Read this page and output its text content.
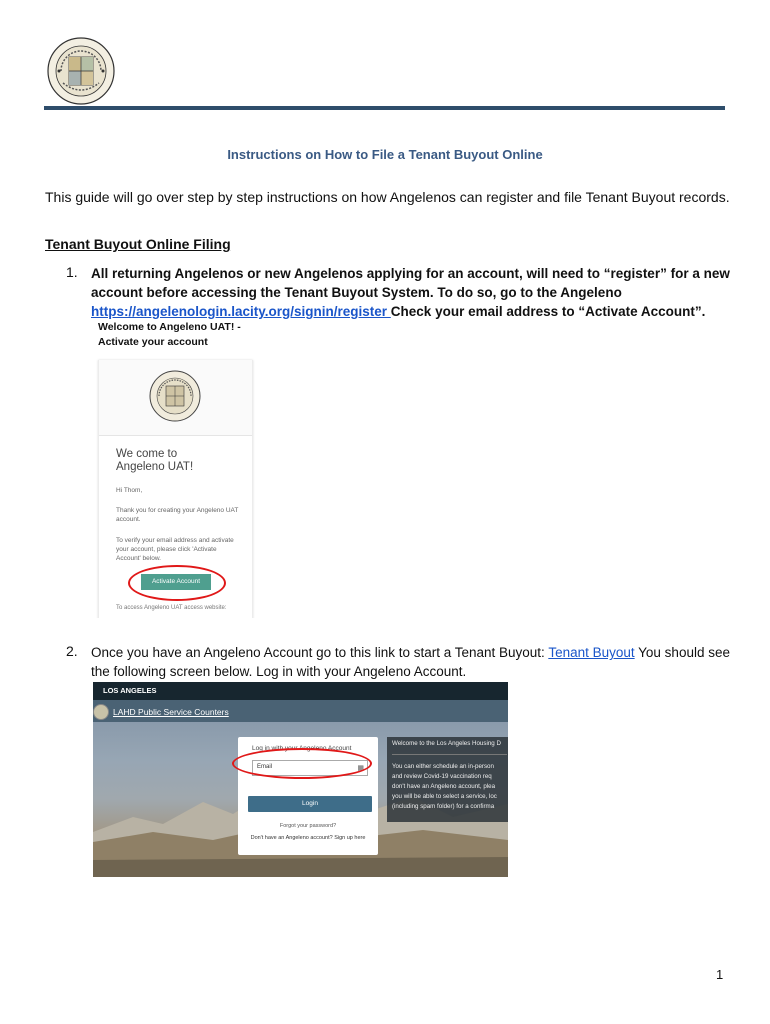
Instructions on How to File a Tenant Buyout Online
This guide will go over step by step instructions on how Angelenos can register and file Tenant Buyout records.
Tenant Buyout Online Filing
1. All returning Angelenos or new Angelenos applying for an account, will need to “register” for a new account before accessing the Tenant Buyout System. To do so, go to the Angeleno https://angelenologin.lacity.org/signin/register Check your email address to “Activate Account”.
Welcome to Angeleno UAT! -
Activate your account
We come to Angeleno UAT!
Hi Thom,
Thank you for creating your Angeleno UAT account.
To verify your email address and activate your account, please click 'Activate Account' below.
Activate Account
To access Angeleno UAT access website:
2. Once you have an Angeleno Account go to this link to start a Tenant Buyout: Tenant Buyout You should see the following screen below. Log in with your Angeleno Account.
LOS ANGELES
LAHD Public Service Counters
Log in with your Angeleno Account
Email	▦
Login
Forgot your password?
Don't have an Angeleno account? Sign up here
Welcome to the Los Angeles Housing D
You can either schedule an in-person
and review Covid-19 vaccination req
don't have an Angeleno account, plea
you will be able to select a service, loc
(including spam folder) for a confirma
1
